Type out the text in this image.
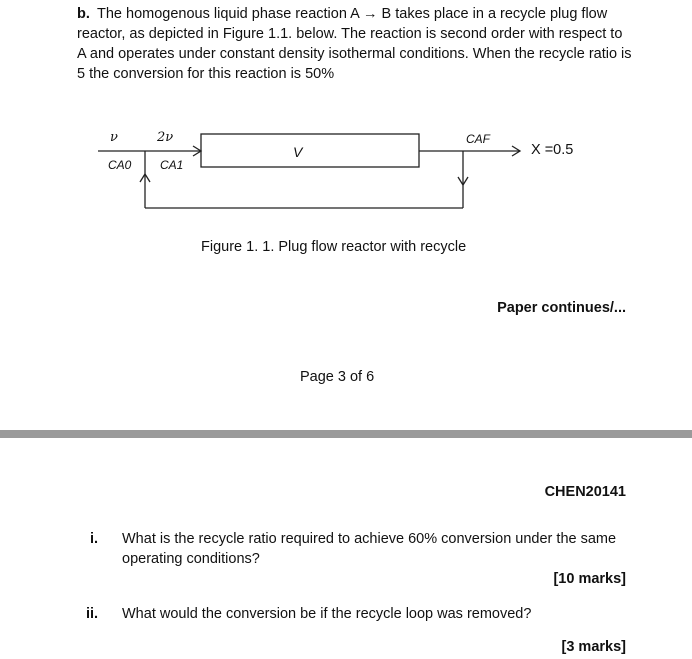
b. The homogenous liquid phase reaction A → B takes place in a recycle plug flow reactor, as depicted in Figure 1.1. below. The reaction is second order with respect to A and operates under constant density isothermal conditions. When the recycle ratio is 5 the conversion for this reaction is 50%
ν	2ν
CA0 CA1
V
CAF
X =0.5
Figure 1. 1. Plug flow reactor with recycle
Paper continues/...
Page 3 of 6
CHEN20141
i. What is the recycle ratio required to achieve 60% conversion under the same operating conditions?
[10 marks]
ii. What would the conversion be if the recycle loop was removed?
[3 marks]
